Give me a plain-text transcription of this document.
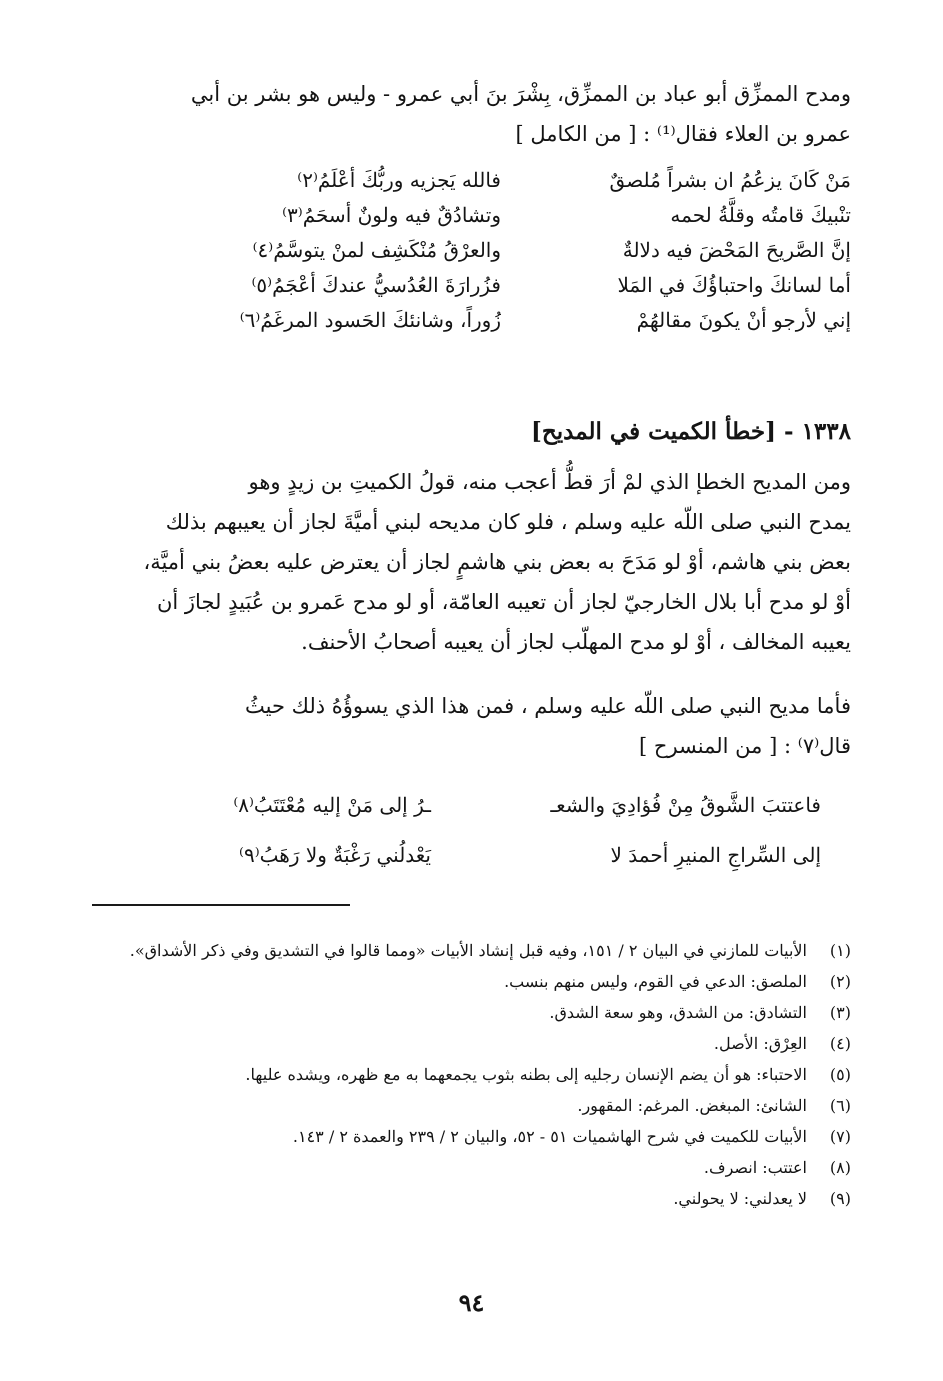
ومدح الممزِّق أبو عباد بن الممزِّق، بِشْرَ بنَ أبي عمرو - وليس هو بشر بن أبي
عمرو بن العلاء فقال⁽¹⁾ : [ من الكامل ]
مَنْ كَانَ يزعُمُ ان بشراً مُلصقٌ
فالله يَجزيه وربُّكَ أعْلَمُ⁽٢⁾
تنْبيكَ قامتُه وقلَّةُ لحمه
وتشادُقٌ فيه ولونٌ أسحَمُ⁽٣⁾
إنَّ الصَّريحَ المَحْضَ فيه دلالةٌ
والعرْقُ مُنْكَشِف لمنْ يتوسَّمُ⁽٤⁾
أما لسانكَ واحتباؤُكَ في المَلا
فزُرارَةَ العُدُسيُّ عندكَ أعْجَمُ⁽٥⁾
إني لأرجو أنْ يكونَ مقالهُمْ
زُوراً، وشانئكَ الحَسود المرغَمُ⁽٦⁾
١٣٣٨ - [خطأ الكميت في المديح]
ومن المديح الخطإ الذي لمْ أرَ قطُّ أعجب منه، قولُ الكميتِ بن زيدٍ وهو
يمدح النبي صلى اللّه عليه وسلم ، فلو كان مديحه لبني أميَّةَ لجاز أن يعيبهم بذلك
بعض بني هاشم، أوْ لو مَدَحَ به بعض بني هاشمٍ لجاز أن يعترض عليه بعضُ بني أميَّة،
أوْ لو مدح أبا بلال الخارجيّ لجاز أن تعيبه العامّة، أو لو مدح عَمرو بن عُبَيدٍ لجازَ أن
يعيبه المخالف ، أوْ لو مدح المهلّب لجاز أن يعيبه أصحابُ الأحنف.
فأما مديح النبي صلى اللّه عليه وسلم ، فمن هذا الذي يسوؤُهُ ذلك حيثُ
قال⁽٧⁾ : [ من المنسرح ]
فاعتتبَ الشَّوقُ مِنْ فُؤادِيَ والشعـ
ـرُ إلى مَنْ إليه مُعْتَتَبُ⁽٨⁾
إلى السِّراجِ المنيرِ أحمدَ لا
يَعْدلُني رَغْبَةٌ ولا رَهَبُ⁽٩⁾
(١)
الأبيات للمازني في البيان ٢ / ١٥١، وفيه قبل إنشاد الأبيات «ومما قالوا في التشديق وفي ذكر الأشداق».
(٢)
الملصق: الدعي في القوم، وليس منهم بنسب.
(٣)
التشادق: من الشدق، وهو سعة الشدق.
(٤)
العِرْق: الأصل.
(٥)
الاحتباء: هو أن يضم الإنسان رجليه إلى بطنه بثوب يجمعهما به مع ظهره، ويشده عليها.
(٦)
الشانئ: المبغض. المرغم: المقهور.
(٧)
الأبيات للكميت في شرح الهاشميات ٥١ - ٥٢، والبيان ٢ / ٢٣٩ والعمدة ٢ / ١٤٣.
(٨)
اعتتب: انصرف.
(٩)
لا يعدلني: لا يحولني.
٩٤
